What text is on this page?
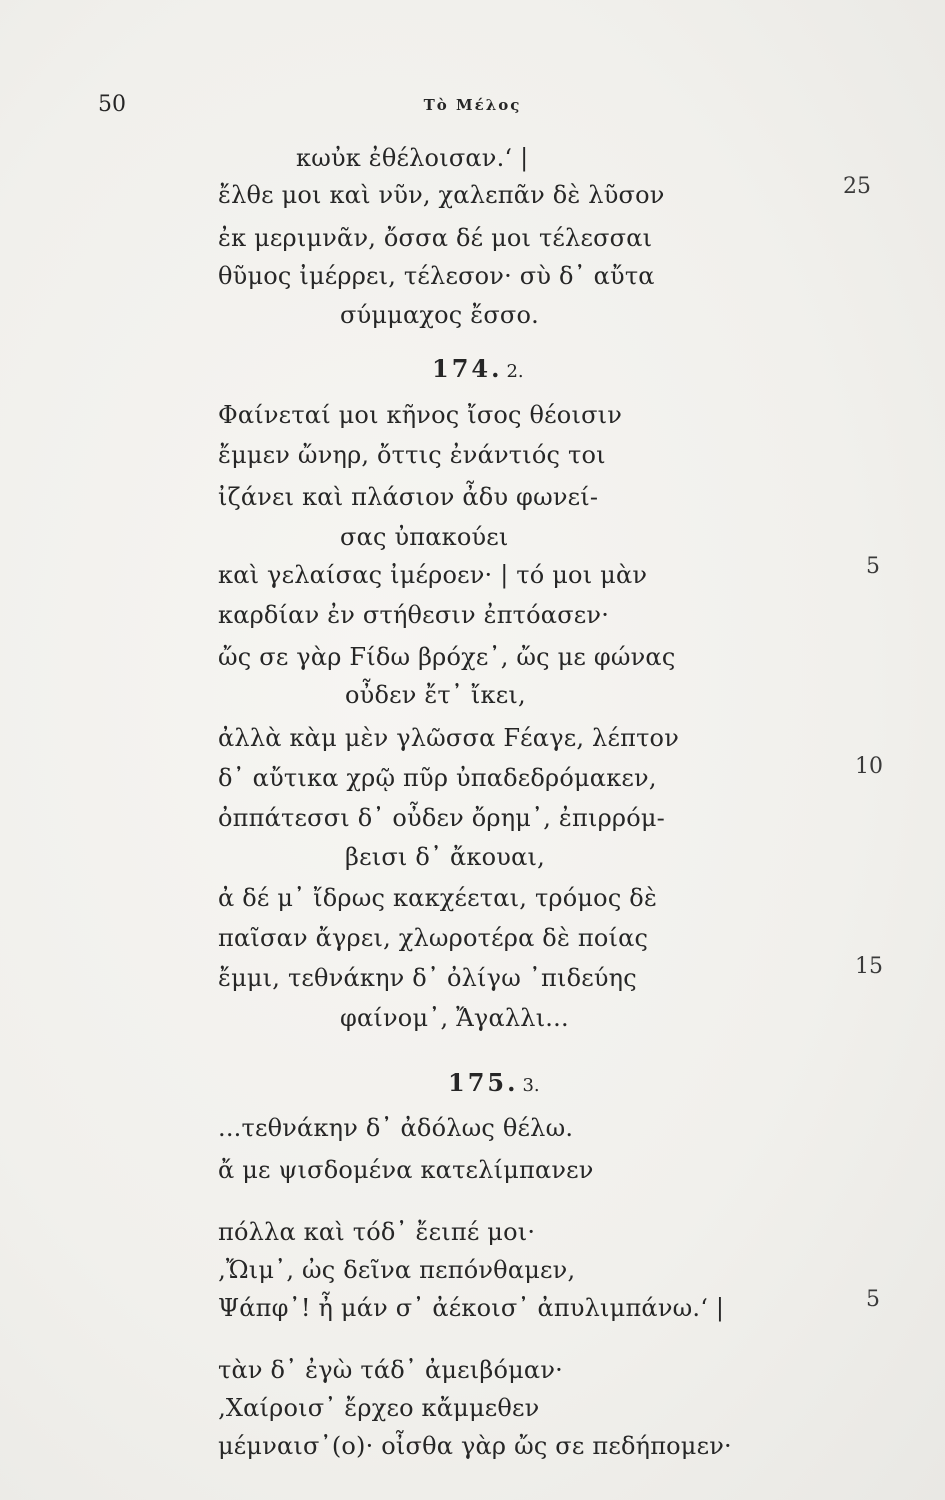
50	Τὸ Μέλος
κωὐκ ἐθέλοισαν.‘ |
ἔλθε μοι καὶ νῦν, χαλεπᾶν δὲ λῦσον
ἐκ μεριμνᾶν, ὄσσα δέ μοι τέλεσσαι
θῦμος ἰμέρρει, τέλεσον· σὺ δ᾽ αὔτα
σύμμαχος ἔσσο.
174. 2.
Φαίνεταί μοι κῆνος ἴσος θέοισιν
ἔμμεν ὤνηρ, ὄττις ἐνάντιός τοι
ἰζάνει καὶ πλάσιον ἆδυ φωνεί-
σας ὐπακούει
καὶ γελαίσας ἰμέροεν· | τό μοι μὰν
καρδίαν ἐν στήθεσιν ἐπτόασεν·
ὤς σε γὰρ Ϝίδω βρόχε᾽, ὤς με φώνας
οὖδεν ἔτ᾽ ἴκει,
ἀλλὰ κὰμ μὲν γλῶσσα Ϝέαγε, λέπτον
δ᾽ αὔτικα χρῷ πῦρ ὐπαδεδρόμακεν,
ὀππάτεσσι δ᾽ οὖδεν ὄρημ᾽, ἐπιρρόμ-
βεισι δ᾽ ἄκουαι,
ἀ δέ μ᾽ ἴδρως κακχέεται, τρόμος δὲ
παῖσαν ἄγρει, χλωροτέρα δὲ ποίας
ἔμμι, τεθνάκην δ᾽ ὀλίγω ᾽πιδεύης
φαίνομ᾽, Ἄγαλλι...
175. 3.
...τεθνάκην δ᾽ ἀδόλως θέλω.
ἄ με ψισδομένα κατελίμπανεν
πόλλα καὶ τόδ᾽ ἔειπέ μοι·
‚Ὤιμ᾽, ὠς δεῖνα πεπόνθαμεν,
Ψάπφ᾽! ἦ μάν σ᾽ ἀέκοισ᾽ ἀπυλιμπάνω.‘ |
τὰν δ᾽ ἐγὼ τάδ᾽ ἀμειβόμαν·
‚Χαίροισ᾽ ἔρχεο κἄμμεθεν
μέμναισ᾽(ο)· οἶσθα γὰρ ὤς σε πεδήπομεν·
25
5
10
15
5
